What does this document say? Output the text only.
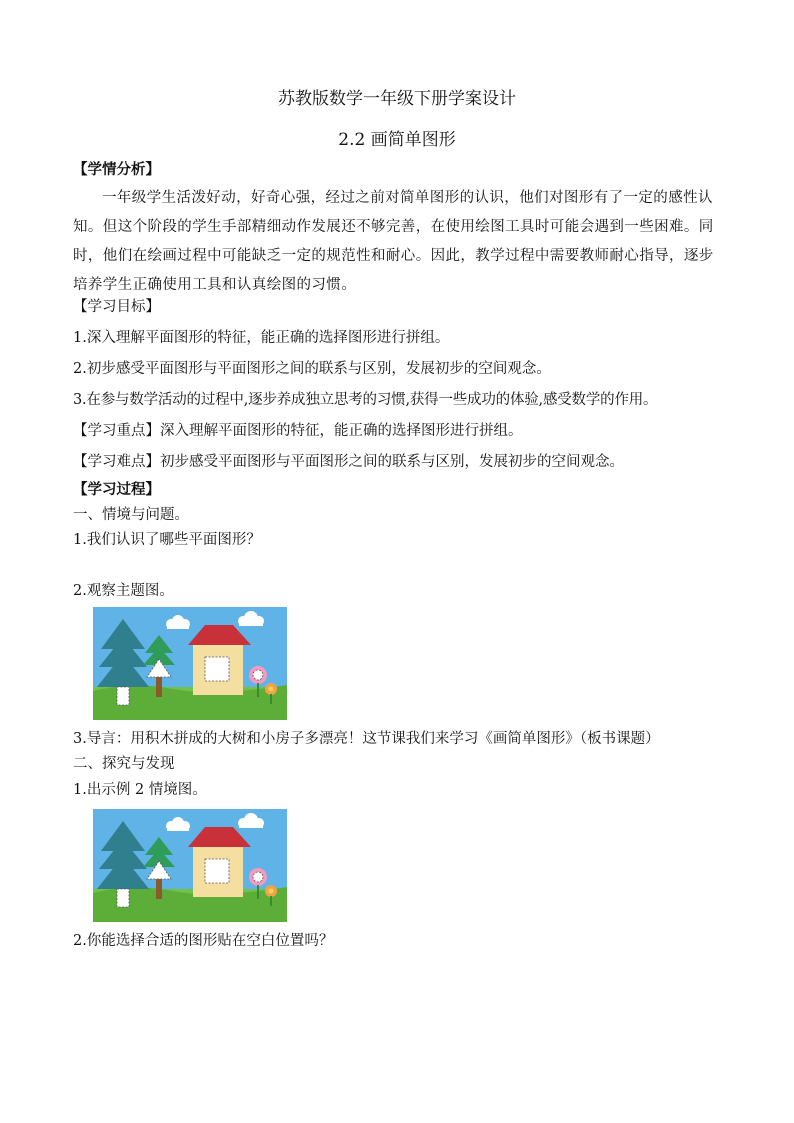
苏教版数学一年级下册学案设计
2.2 画简单图形
【学情分析】
一年级学生活泼好动，好奇心强，经过之前对简单图形的认识，他们对图形有了一定的感性认知。但这个阶段的学生手部精细动作发展还不够完善，在使用绘图工具时可能会遇到一些困难。同时，他们在绘画过程中可能缺乏一定的规范性和耐心。因此，教学过程中需要教师耐心指导，逐步培养学生正确使用工具和认真绘图的习惯。
【学习目标】
1.深入理解平面图形的特征，能正确的选择图形进行拼组。
2.初步感受平面图形与平面图形之间的联系与区别，发展初步的空间观念。
3.在参与数学活动的过程中,逐步养成独立思考的习惯,获得一些成功的体验,感受数学的作用。
【学习重点】深入理解平面图形的特征，能正确的选择图形进行拼组。
【学习难点】初步感受平面图形与平面图形之间的联系与区别，发展初步的空间观念。
【学习过程】
一、情境与问题。
1.我们认识了哪些平面图形？
2.观察主题图。
3.导言：用积木拼成的大树和小房子多漂亮！这节课我们来学习《画简单图形》（板书课题）
二、探究与发现
1.出示例 2 情境图。
2.你能选择合适的图形贴在空白位置吗？
